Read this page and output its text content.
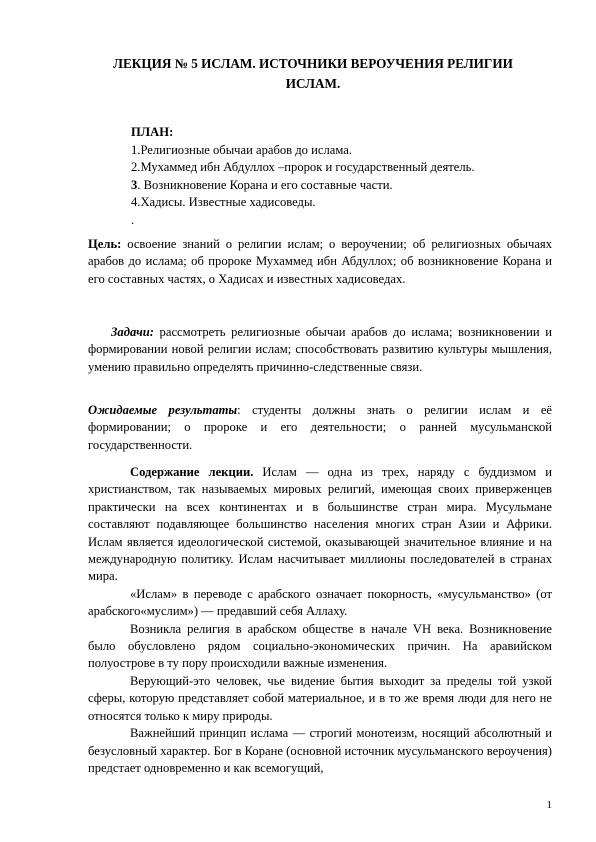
ЛЕКЦИЯ № 5 ИСЛАМ. ИСТОЧНИКИ ВЕРОУЧЕНИЯ РЕЛИГИИ
ИСЛАМ.

ПЛАН:

1.Религиозные обычаи арабов до ислама.

2.Мухаммед ибн Абдуллох –пророк и государственный деятель.

3. Возникновение Корана и его составные части.

4.Хадисы. Известные хадисоведы.

.

Цель: освоение знаний о религии ислам; о вероучении; об религиозных обычаях арабов до ислама; об пророке Мухаммед ибн Абдуллох; об возникновение Корана и его составных частях, о Хадисах и известных хадисоведах.

Задачи: рассмотреть религиозные обычаи арабов до ислама; возникновении и формировании новой религии ислам; способствовать развитию культуры мышления, умению правильно определять причинно-следственные связи.

Ожидаемые результаты: студенты должны знать о религии ислам и её формировании; о пророке и его деятельности; о ранней мусульманской государственности.

Содержание лекции. Ислам — одна из трех, наряду с буддизмом и христианством, так называемых мировых религий, имеющая своих приверженцев практически на всех континентах и в большинстве стран мира. Мусульмане составляют подавляющее большинство населения многих стран Азии и Африки. Ислам является идеологической системой, оказывающей значительное влияние и на международную политику. Ислам насчитывает миллионы последователей в странах мира.

«Ислам» в переводе с арабского означает покорность, «мусульманство» (от арабского«муслим») — предавший себя Аллаху.

Возникла религия в арабском обществе в начале VH века. Возникновение было обусловлено рядом социально-экономических причин. На аравийском полуострове в ту пору происходили важные изменения.

Верующий-это человек, чье видение бытия выходит за пределы той узкой сферы, которую представляет собой материальное, и в то же время люди для него не относятся только к миру природы.

Важнейший принцип ислама — строгий монотеизм, носящий абсолютный и безусловный характер. Бог в Коране (основной источник мусульманского вероучения) предстает одновременно и как всемогущий,

1
